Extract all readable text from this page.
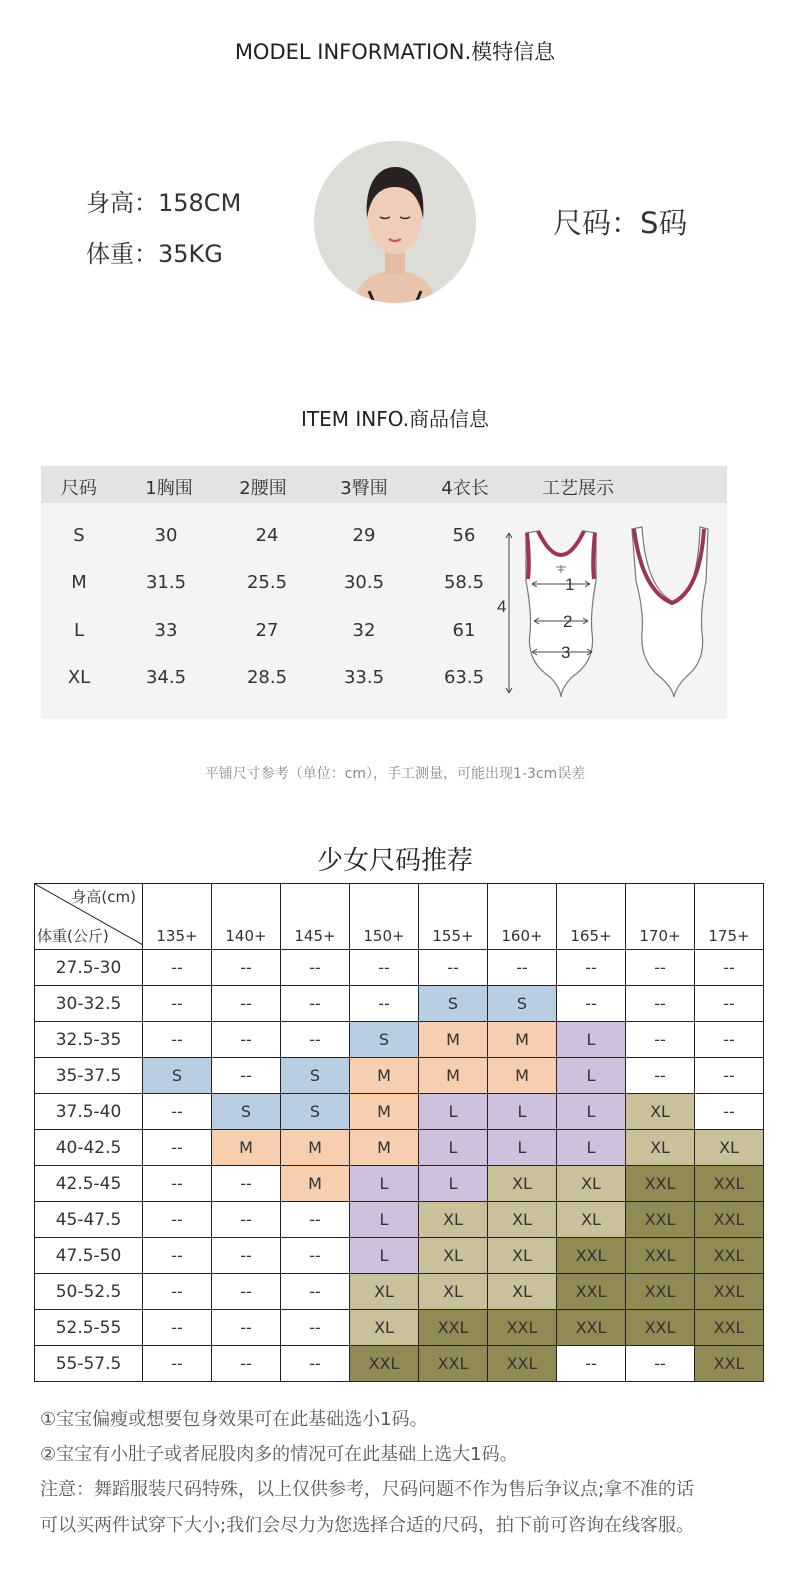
MODEL INFORMATION.模特信息
身高：158CM
体重：35KG
尺码：S码
ITEM INFO.商品信息
尺码	1胸围	2腰围	3臀围	4衣长	工艺展示
S	30	24	29	56
M	31.5	25.5	30.5	58.5
L	33	27	32	61
XL	34.5	28.5	33.5	63.5
1
2
3
4
平铺尺寸参考（单位：cm），手工测量，可能出现1-3cm误差
少女尺码推荐
身高(cm)
体重(公斤)	135+	140+	145+	150+	155+	160+	165+	170+	175+
27.5-30	--	--	--	--	--	--	--	--	--
30-32.5	--	--	--	--	S	S	--	--	--
32.5-35	--	--	--	S	M	M	L	--	--
35-37.5	S	--	S	M	M	M	L	--	--
37.5-40	--	S	S	M	L	L	L	XL	--
40-42.5	--	M	M	M	L	L	L	XL	XL
42.5-45	--	--	M	L	L	XL	XL	XXL	XXL
45-47.5	--	--	--	L	XL	XL	XL	XXL	XXL
47.5-50	--	--	--	L	XL	XL	XXL	XXL	XXL
50-52.5	--	--	--	XL	XL	XL	XXL	XXL	XXL
52.5-55	--	--	--	XL	XXL	XXL	XXL	XXL	XXL
55-57.5	--	--	--	XXL	XXL	XXL	--	--	XXL
①宝宝偏瘦或想要包身效果可在此基础选小1码。
②宝宝有小肚子或者屁股肉多的情况可在此基础上选大1码。
注意：舞蹈服装尺码特殊，以上仅供参考，尺码问题不作为售后争议点;拿不准的话
可以买两件试穿下大小;我们会尽力为您选择合适的尺码，拍下前可咨询在线客服。
